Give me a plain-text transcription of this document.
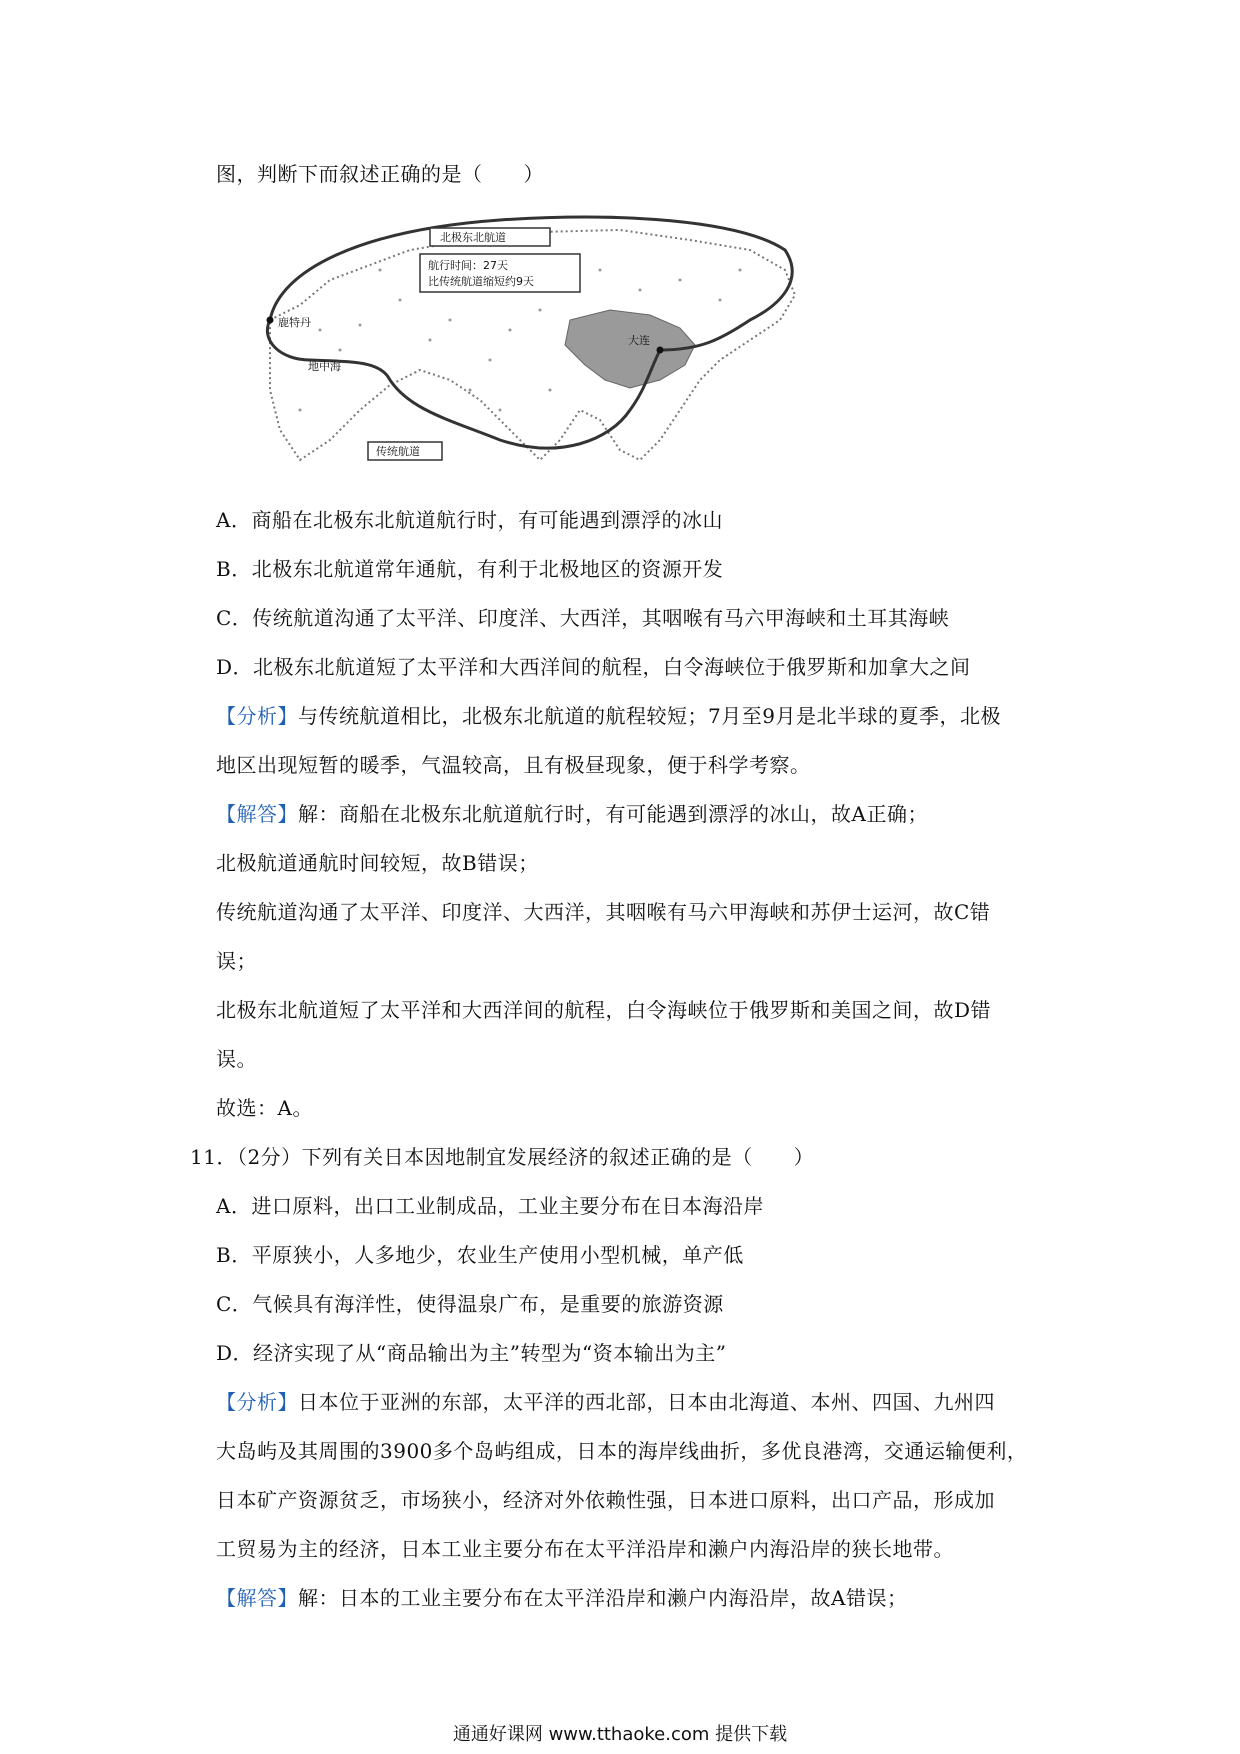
图，判断下而叙述正确的是（　　）
北极东北航道
航行时间：27天
比传统航道缩短约9天
鹿特丹
大连
地中海
传统航道
A．商船在北极东北航道航行时，有可能遇到漂浮的冰山
B．北极东北航道常年通航，有利于北极地区的资源开发
C．传统航道沟通了太平洋、印度洋、大西洋，其咽喉有马六甲海峡和土耳其海峡
D．北极东北航道短了太平洋和大西洋间的航程，白令海峡位于俄罗斯和加拿大之间
【分析】与传统航道相比，北极东北航道的航程较短；7月至9月是北半球的夏季，北极
地区出现短暂的暖季，气温较高，且有极昼现象，便于科学考察。
【解答】解：商船在北极东北航道航行时，有可能遇到漂浮的冰山，故A正确；
北极航道通航时间较短，故B错误；
传统航道沟通了太平洋、印度洋、大西洋，其咽喉有马六甲海峡和苏伊士运河，故C错
误；
北极东北航道短了太平洋和大西洋间的航程，白令海峡位于俄罗斯和美国之间，故D错
误。
故选：A。
11．（2分）下列有关日本因地制宜发展经济的叙述正确的是（　　）
A．进口原料，出口工业制成品，工业主要分布在日本海沿岸
B．平原狭小，人多地少，农业生产使用小型机械，单产低
C．气候具有海洋性，使得温泉广布，是重要的旅游资源
D．经济实现了从“商品输出为主”转型为“资本输出为主”
【分析】日本位于亚洲的东部，太平洋的西北部，日本由北海道、本州、四国、九州四
大岛屿及其周围的3900多个岛屿组成，日本的海岸线曲折，多优良港湾，交通运输便利，
日本矿产资源贫乏，市场狭小，经济对外依赖性强，日本进口原料，出口产品，形成加
工贸易为主的经济，日本工业主要分布在太平洋沿岸和濑户内海沿岸的狭长地带。
【解答】解：日本的工业主要分布在太平洋沿岸和濑户内海沿岸，故A错误；
通通好课网 www.tthaoke.com 提供下载
